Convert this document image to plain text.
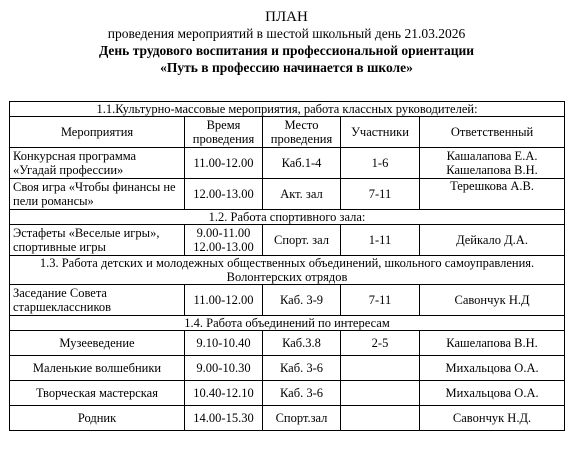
ПЛАН
проведения мероприятий в шестой школьный день 21.03.2026
День трудового воспитания и профессиональной ориентации
«Путь в профессию начинается в школе»
1.1.Культурно-массовые мероприятия, работа классных руководителей:				
Мероприятия	Время проведения	Место проведения	Участники	Ответственный
Конкурсная программа «Угадай профессии»	11.00-12.00	Каб.1-4	1-6	Кашалапова Е.А. Кашелапова В.Н.
Своя игра «Чтобы финансы не пели романсы»	12.00-13.00	Акт. зал	7-11	Терешкова А.В.
1.2. Работа спортивного зала:				
Эстафеты «Веселые игры», спортивные игры	9.00-11.00 12.00-13.00	Спорт. зал	1-11	Дейкало Д.А.
1.3. Работа детских и молодежных общественных объединений, школьного самоуправления. Волонтерских отрядов				
Заседание Совета старшеклассников	11.00-12.00	Каб. 3-9	7-11	Савончук Н.Д
1.4. Работа объединений по интересам				
Музееведение	9.10-10.40	Каб.3.8	2-5	Кашелапова В.Н.
Маленькие волшебники	9.00-10.30	Каб. 3-6		Михальцова О.А.
Творческая мастерская	10.40-12.10	Каб. 3-6		Михальцова О.А.
Родник	14.00-15.30	Спорт.зал		Савончук Н.Д.
